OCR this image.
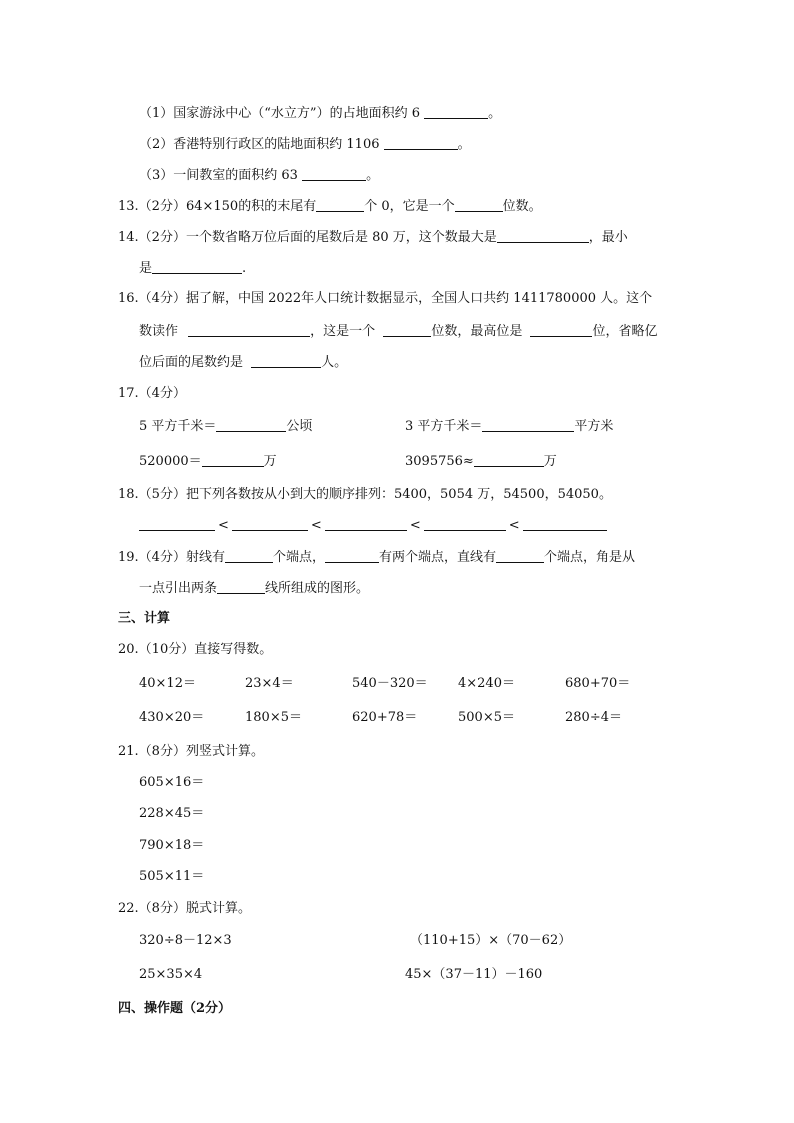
（1）国家游泳中心（“水立方”）的占地面积约 6	。
（2）香港特别行政区的陆地面积约 1106	。
（3）一间教室的面积约 63	。
13.（2分）64×150的积的末尾有	个 0，它是一个	位数。
14.（2分）一个数省略万位后面的尾数后是 80 万，这个数最大是	，最小
是	.
16.（4分）据了解，中国 2022年人口统计数据显示，全国人口共约 1411780000 人。这个
数读作	，这是一个	位数，最高位是	位，省略亿
位后面的尾数约是	人。
17.（4分）
5 平方千米＝	公顷	3 平方千米＝	平方米
520000＝	万	3095756≈	万
18.（5分）把下列各数按从小到大的顺序排列：5400，5054 万，54500，54050。
<	<	<	<
19.（4分）射线有	个端点，	有两个端点，直线有	个端点，角是从
一点引出两条	线所组成的图形。
三、计算
20.（10分）直接写得数。
40×12＝	23×4＝	540－320＝ 4×240＝	680+70＝
430×20＝	180×5＝	620+78＝	500×5＝	280÷4＝
21.（8分）列竖式计算。
605×16＝
228×45＝
790×18＝
505×11＝
22.（8分）脱式计算。
320÷8－12×3	（110+15）×（70－62）
25×35×4	45×（37－11）－160
四、操作题（2分）
